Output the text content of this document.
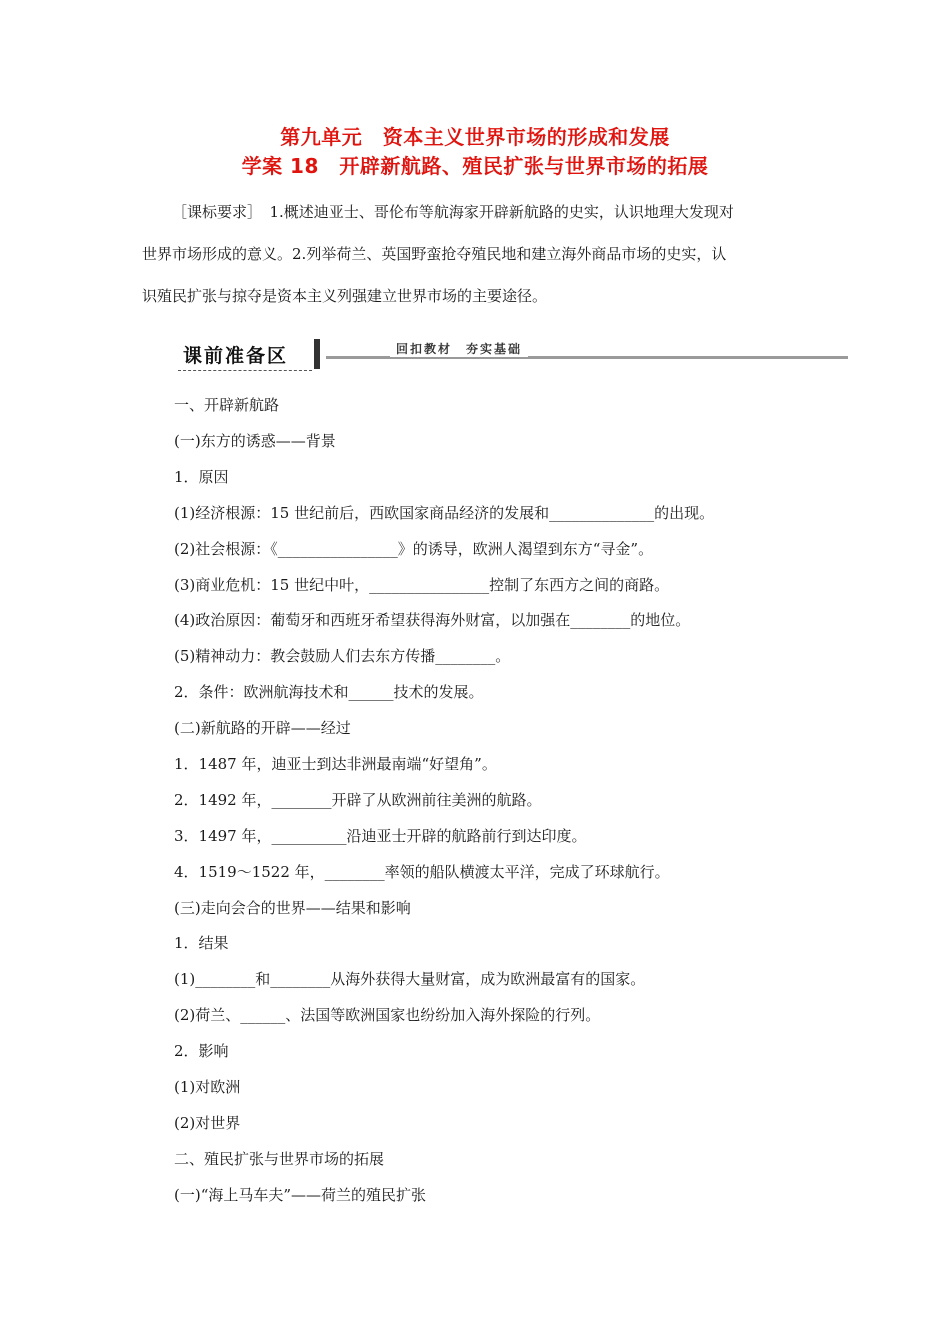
第九单元　资本主义世界市场的形成和发展
学案 18　开辟新航路、殖民扩张与世界市场的拓展
［课标要求］　1.概述迪亚士、哥伦布等航海家开辟新航路的史实，认识地理大发现对
世界市场形成的意义。2.列举荷兰、英国野蛮抢夺殖民地和建立海外商品市场的史实，认
识殖民扩张与掠夺是资本主义列强建立世界市场的主要途径。
课前准备区	回扣教材　夯实基础
一、开辟新航路
(一)东方的诱惑——背景
1．原因
(1)经济根源：15 世纪前后，西欧国家商品经济的发展和______________的出现。
(2)社会根源：《________________》的诱导，欧洲人渴望到东方“寻金”。
(3)商业危机：15 世纪中叶，________________控制了东西方之间的商路。
(4)政治原因：葡萄牙和西班牙希望获得海外财富，以加强在________的地位。
(5)精神动力：教会鼓励人们去东方传播________。
2．条件：欧洲航海技术和______技术的发展。
(二)新航路的开辟——经过
1．1487 年，迪亚士到达非洲最南端“好望角”。
2．1492 年，________开辟了从欧洲前往美洲的航路。
3．1497 年，__________沿迪亚士开辟的航路前行到达印度。
4．1519～1522 年，________率领的船队横渡太平洋，完成了环球航行。
(三)走向会合的世界——结果和影响
1．结果
(1)________和________从海外获得大量财富，成为欧洲最富有的国家。
(2)荷兰、______、法国等欧洲国家也纷纷加入海外探险的行列。
2．影响
(1)对欧洲
(2)对世界
二、殖民扩张与世界市场的拓展
(一)“海上马车夫”——荷兰的殖民扩张
